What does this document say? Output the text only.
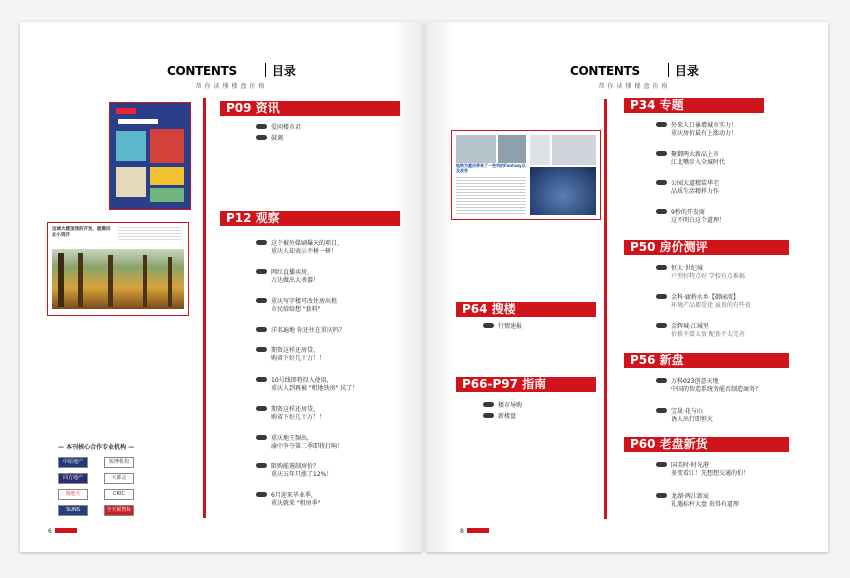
CONTENTS	目录
帮你读懂楼盘价格
这城大楼顶我的开发，就需问北小到开
P09 资讯
爱问楼市君
鼓调
P12 观察
这个被外媒刷爆天的项目，
重庆人却表示不树一树！
网红直播卖房，
万达做出大杀器！
重庆写字楼可改住房出租
市民给给想 "套料"
洋名遍地 你还住在重庆吗？
期资这样还房贷，
购省下好几十万！！
10号线即将投入使用，
重庆人到再被 "租地铁房" 坑了！
期资这样还房贷，
购省下好几十万！！
重庆地王频出，
渝中争夺第二季即将打响！
限购能遏制房价？
重庆五年只涨了12%！
6月迎来毕业季，
重庆就来 "租房季"
— 本刊核心合作专业机构 —
中原地产	锐博机构
同方地产	大都会
漫地天	CRIC
SUNS	全天候智标
6
CONTENTS	目录
帮你读懂楼盘价格
地铁为重庆带来了一些列的Fantasy以及改变
P34 专题
外来人口暴增城市实力！
重庆房价最有上涨动力！
聚御两大新品上市
江北嘴步入全城时代
公园大道精装华宅
品质生活精样力作
9秒的开发商
这不明白这个道理！
P50 房价测评
恒大·世纪城
户型好特点好 学校有点难搞
金科·廊桥水乡【御园湾】
环境产品都受优 虽贵的有些贵
金辉城·江城里
价格不算太贵 配套不太完善
P56 新盘
万科023创意天地
中国的智造系统务能否制造商务？
宝晟·花与山
诱人出行即恒火
P60 老盘新货
国美时·时光港
多变看江！先想想交通的怕！
龙湖·两江新宸
礼遇标杆大盘 贵得有道理
P64 搜楼
行情速报
P66-P97 指南
楼市导购
新楼盘
8
